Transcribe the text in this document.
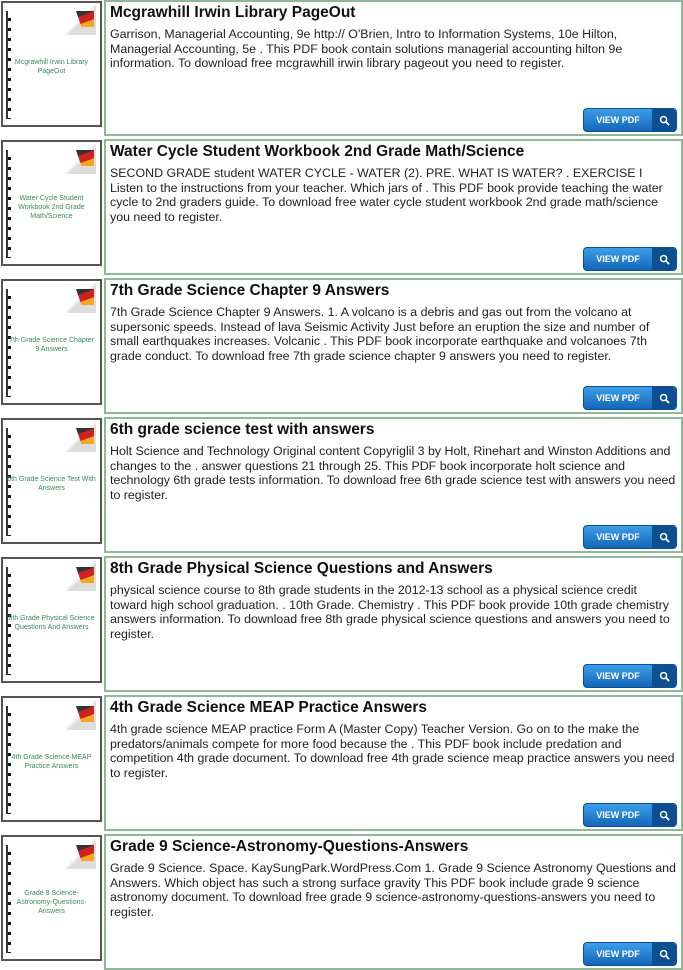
Mcgrawhill Irwin Library PageOut
Mcgrawhill Irwin Library PageOut
Garrison, Managerial Accounting, 9e http:// O'Brien, Intro to Information Systems, 10e Hilton, Managerial Accounting, 5e . This PDF book contain solutions managerial accounting hilton 9e information. To download free mcgrawhill irwin library pageout you need to register.
VIEW PDF
Water Cycle Student Workbook 2nd Grade Math/Science
Water Cycle Student Workbook 2nd Grade Math/Science
SECOND GRADE student WATER CYCLE - WATER (2). PRE. WHAT IS WATER? . EXERCISE I Listen to the instructions from your teacher. Which jars of . This PDF book provide teaching the water cycle to 2nd graders guide. To download free water cycle student workbook 2nd grade math/science you need to register.
VIEW PDF
7th Grade Science Chapter 9 Answers
7th Grade Science Chapter 9 Answers
7th Grade Science Chapter 9 Answers. 1. A volcano is a debris and gas out from the volcano at supersonic speeds. Instead of lava Seismic Activity Just before an eruption the size and number of small earthquakes increases. Volcanic . This PDF book incorporate earthquake and volcanoes 7th grade conduct. To download free 7th grade science chapter 9 answers you need to register.
VIEW PDF
6th Grade Science Test With Answers
6th grade science test with answers
Holt Science and Technology Original content Copyriglil 3 by Holt, Rinehart and Winston Additions and changes to the . answer questions 21 through 25. This PDF book incorporate holt science and technology 6th grade tests information. To download free 6th grade science test with answers you need to register.
VIEW PDF
8th Grade Physical Science Questions And Answers
8th Grade Physical Science Questions and Answers
physical science course to 8th grade students in the 2012-13 school as a physical science credit toward high school graduation. . 10th Grade. Chemistry . This PDF book provide 10th grade chemistry answers information. To download free 8th grade physical science questions and answers you need to register.
VIEW PDF
4th Grade Science MEAP Practice Answers
4th Grade Science MEAP Practice Answers
4th grade science MEAP practice Form A (Master Copy) Teacher Version. Go on to the make the predators/animals compete for more food because the . This PDF book include predation and competition 4th grade document. To download free 4th grade science meap practice answers you need to register.
VIEW PDF
Grade 9 Science-Astronomy-Questions-Answers
Grade 9 Science-Astronomy-Questions-Answers
Grade 9 Science. Space. KaySungPark.WordPress.Com 1. Grade 9 Science Astronomy Questions and Answers. Which object has such a strong surface gravity This PDF book include grade 9 science astronomy document. To download free grade 9 science-astronomy-questions-answers you need to register.
VIEW PDF
